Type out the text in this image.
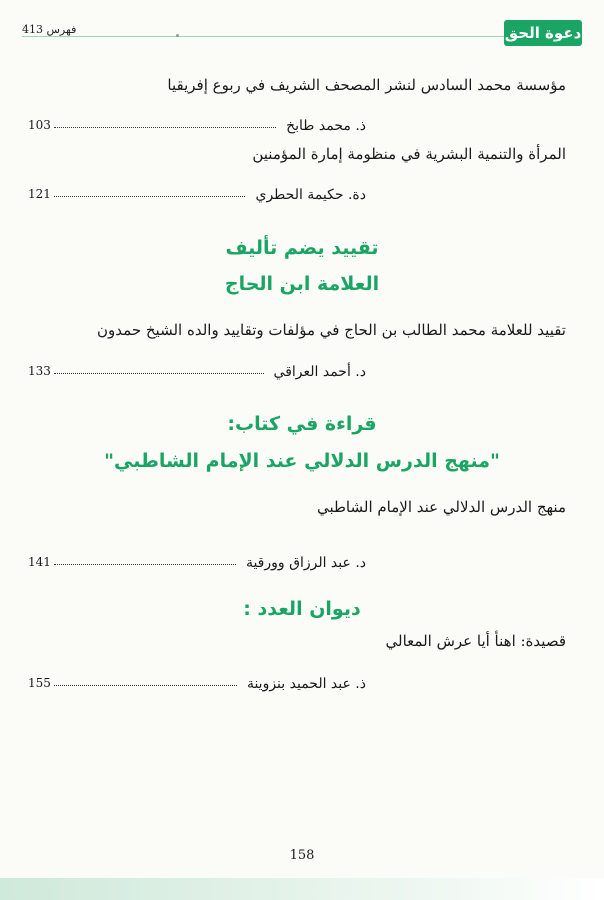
فهرس 413	دعوة الحق
مؤسسة محمد السادس لنشر المصحف الشريف في ربوع إفريقيا
ذ. محمد طابخ
103
المرأة والتنمية البشرية في منظومة إمارة المؤمنين
دة. حكيمة الحطري
121
تقييد يضم تأليف
العلامة ابن الحاج
تقييد للعلامة محمد الطالب بن الحاج في مؤلفات وتقاييد والده الشيخ حمدون
د. أحمد العراقي
133
قراءة في كتاب:
"منهج الدرس الدلالي عند الإمام الشاطبي"
منهج الدرس الدلالي عند الإمام الشاطبي
د. عبد الرزاق وورقية
141
ديوان العدد :
قصيدة: اهنأ أيا عرش المعالي
ذ. عبد الحميد بنزوينة
155
158
